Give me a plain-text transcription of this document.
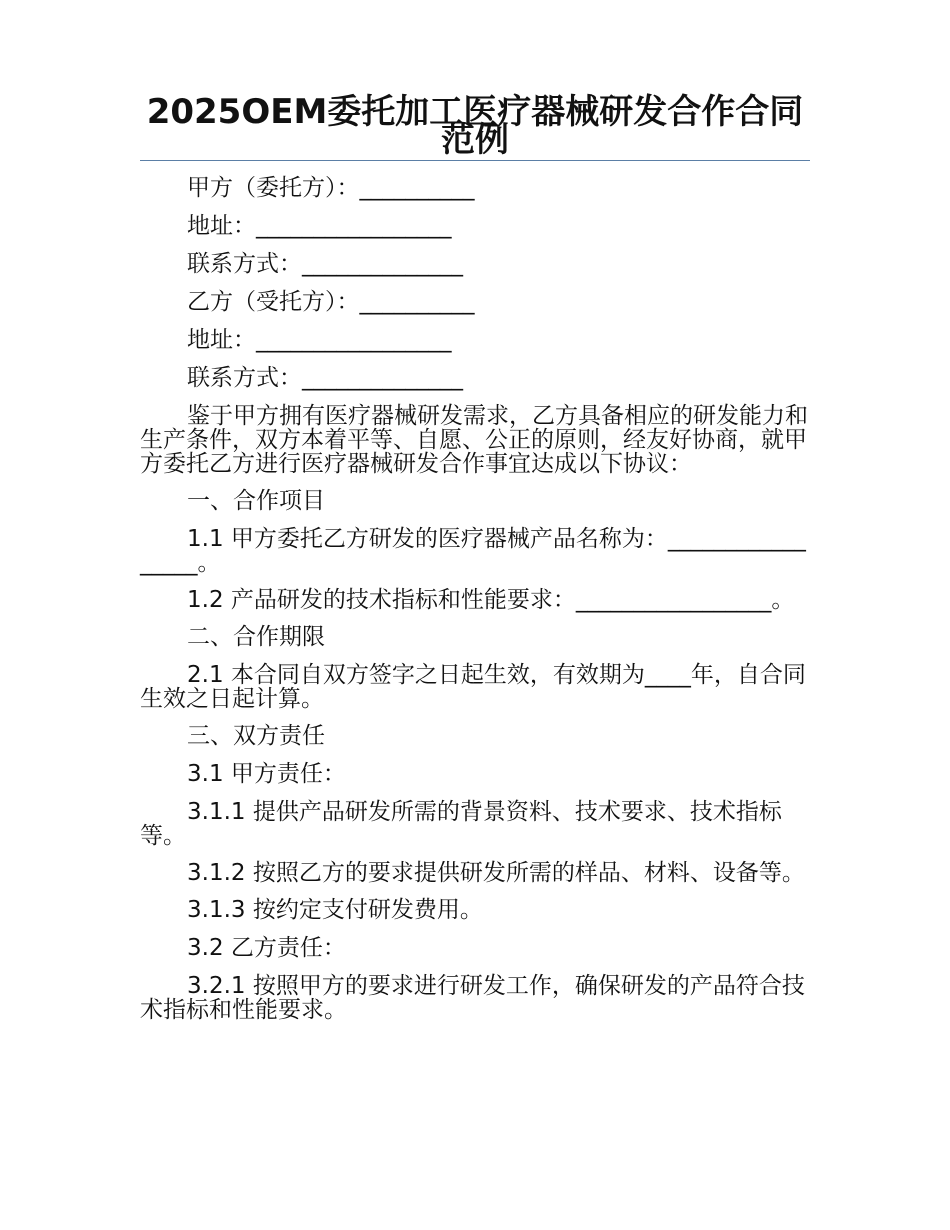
2025OEM委托加工医疗器械研发合作合同范例

甲方（委托方）：__________

地址：_________________

联系方式：______________

乙方（受托方）：__________

地址：_________________

联系方式：______________

鉴于甲方拥有医疗器械研发需求，乙方具备相应的研发能力和生产条件，双方本着平等、自愿、公正的原则，经友好协商，就甲方委托乙方进行医疗器械研发合作事宜达成以下协议：

一、合作项目

1.1 甲方委托乙方研发的医疗器械产品名称为：_________________。

1.2 产品研发的技术指标和性能要求：_________________。

二、合作期限

2.1 本合同自双方签字之日起生效，有效期为____年，自合同生效之日起计算。

三、双方责任

3.1 甲方责任：

3.1.1 提供产品研发所需的背景资料、技术要求、技术指标等。

3.1.2 按照乙方的要求提供研发所需的样品、材料、设备等。

3.1.3 按约定支付研发费用。

3.2 乙方责任：

3.2.1 按照甲方的要求进行研发工作，确保研发的产品符合技术指标和性能要求。
